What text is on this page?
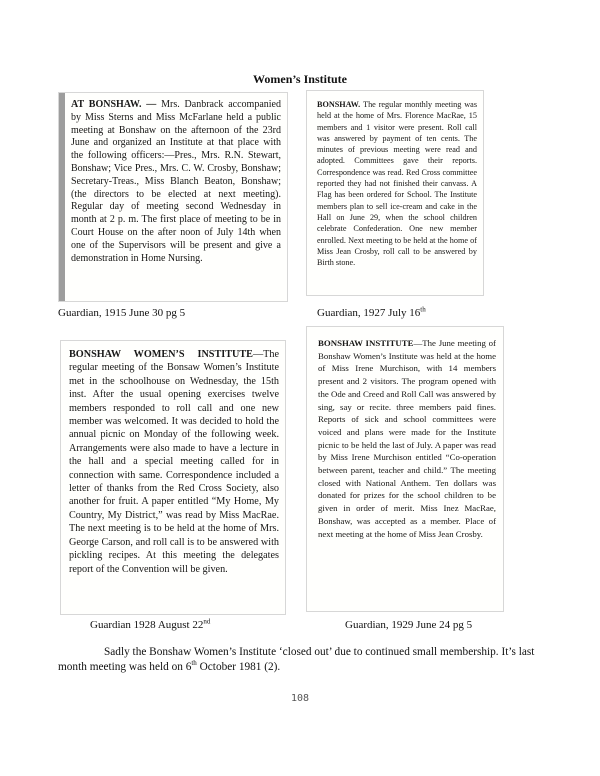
Women’s Institute

AT BONSHAW. — Mrs. Danbrack accompanied by Miss Sterns and Miss McFarlane held a public meeting at Bonshaw on the afternoon of the 23rd June and organized an Institute at that place with the following officers:—Pres., Mrs. R.N. Stewart, Bonshaw; Vice Pres., Mrs. C. W. Crosby, Bonshaw; Secretary-Treas., Miss Blanch Beaton, Bonshaw; (the directors to be elected at next meeting). Regular day of meeting second Wednesday in month at 2 p. m. The first place of meeting to be in Court House on the after noon of July 14th when one of the Supervisors will be present and give a demonstration in Home Nursing.

BONSHAW. The regular monthly meeting was held at the home of Mrs. Florence MacRae, 15 members and 1 visitor were present. Roll call was answered by payment of ten cents. The minutes of previous meeting were read and adopted. Committees gave their reports. Correspondence was read. Red Cross committee reported they had not finished their canvass. A Flag has been ordered for School. The Institute members plan to sell ice-cream and cake in the Hall on June 29, when the school children celebrate Confederation. One new member enrolled. Next meeting to be held at the home of Miss Jean Crosby, roll call to be answered by Birth stone.

BONSHAW WOMEN’S INSTITUTE—The regular meeting of the Bonsaw Women’s Institute met in the schoolhouse on Wednesday, the 15th inst. After the usual opening exercises twelve members responded to roll call and one new member was welcomed. It was decided to hold the annual picnic on Monday of the following week. Arrangements were also made to have a lecture in the hall and a special meeting called for in connection with same. Correspondence included a letter of thanks from the Red Cross Society, also another for fruit. A paper entitled “My Home, My Country, My District,” was read by Miss MacRae. The next meeting is to be held at the home of Mrs. George Carson, and roll call is to be answered with pickling recipes. At this meeting the delegates report of the Convention will be given.

BONSHAW INSTITUTE—The June meeting of Bonshaw Women’s Institute was held at the home of Miss Irene Murchison, with 14 members present and 2 visitors. The program opened with the Ode and Creed and Roll Call was answered by sing, say or recite. three members paid fines. Reports of sick and school committees were voiced and plans were made for the Institute picnic to be held the last of July. A paper was read by Miss Irene Murchison entitled “Co-operation between parent, teacher and child.” The meeting closed with National Anthem. Ten dollars was donated for prizes for the school children to be given in order of merit. Miss Inez MacRae, Bonshaw, was accepted as a member. Place of next meeting at the home of Miss Jean Crosby.

Guardian, 1915 June 30 pg 5	Guardian, 1927 July 16th
Guardian 1928 August 22nd	Guardian, 1929 June 24 pg 5

Sadly the Bonshaw Women’s Institute ‘closed out’ due to continued small membership. It’s last month meeting was held on 6th October 1981 (2).

108
